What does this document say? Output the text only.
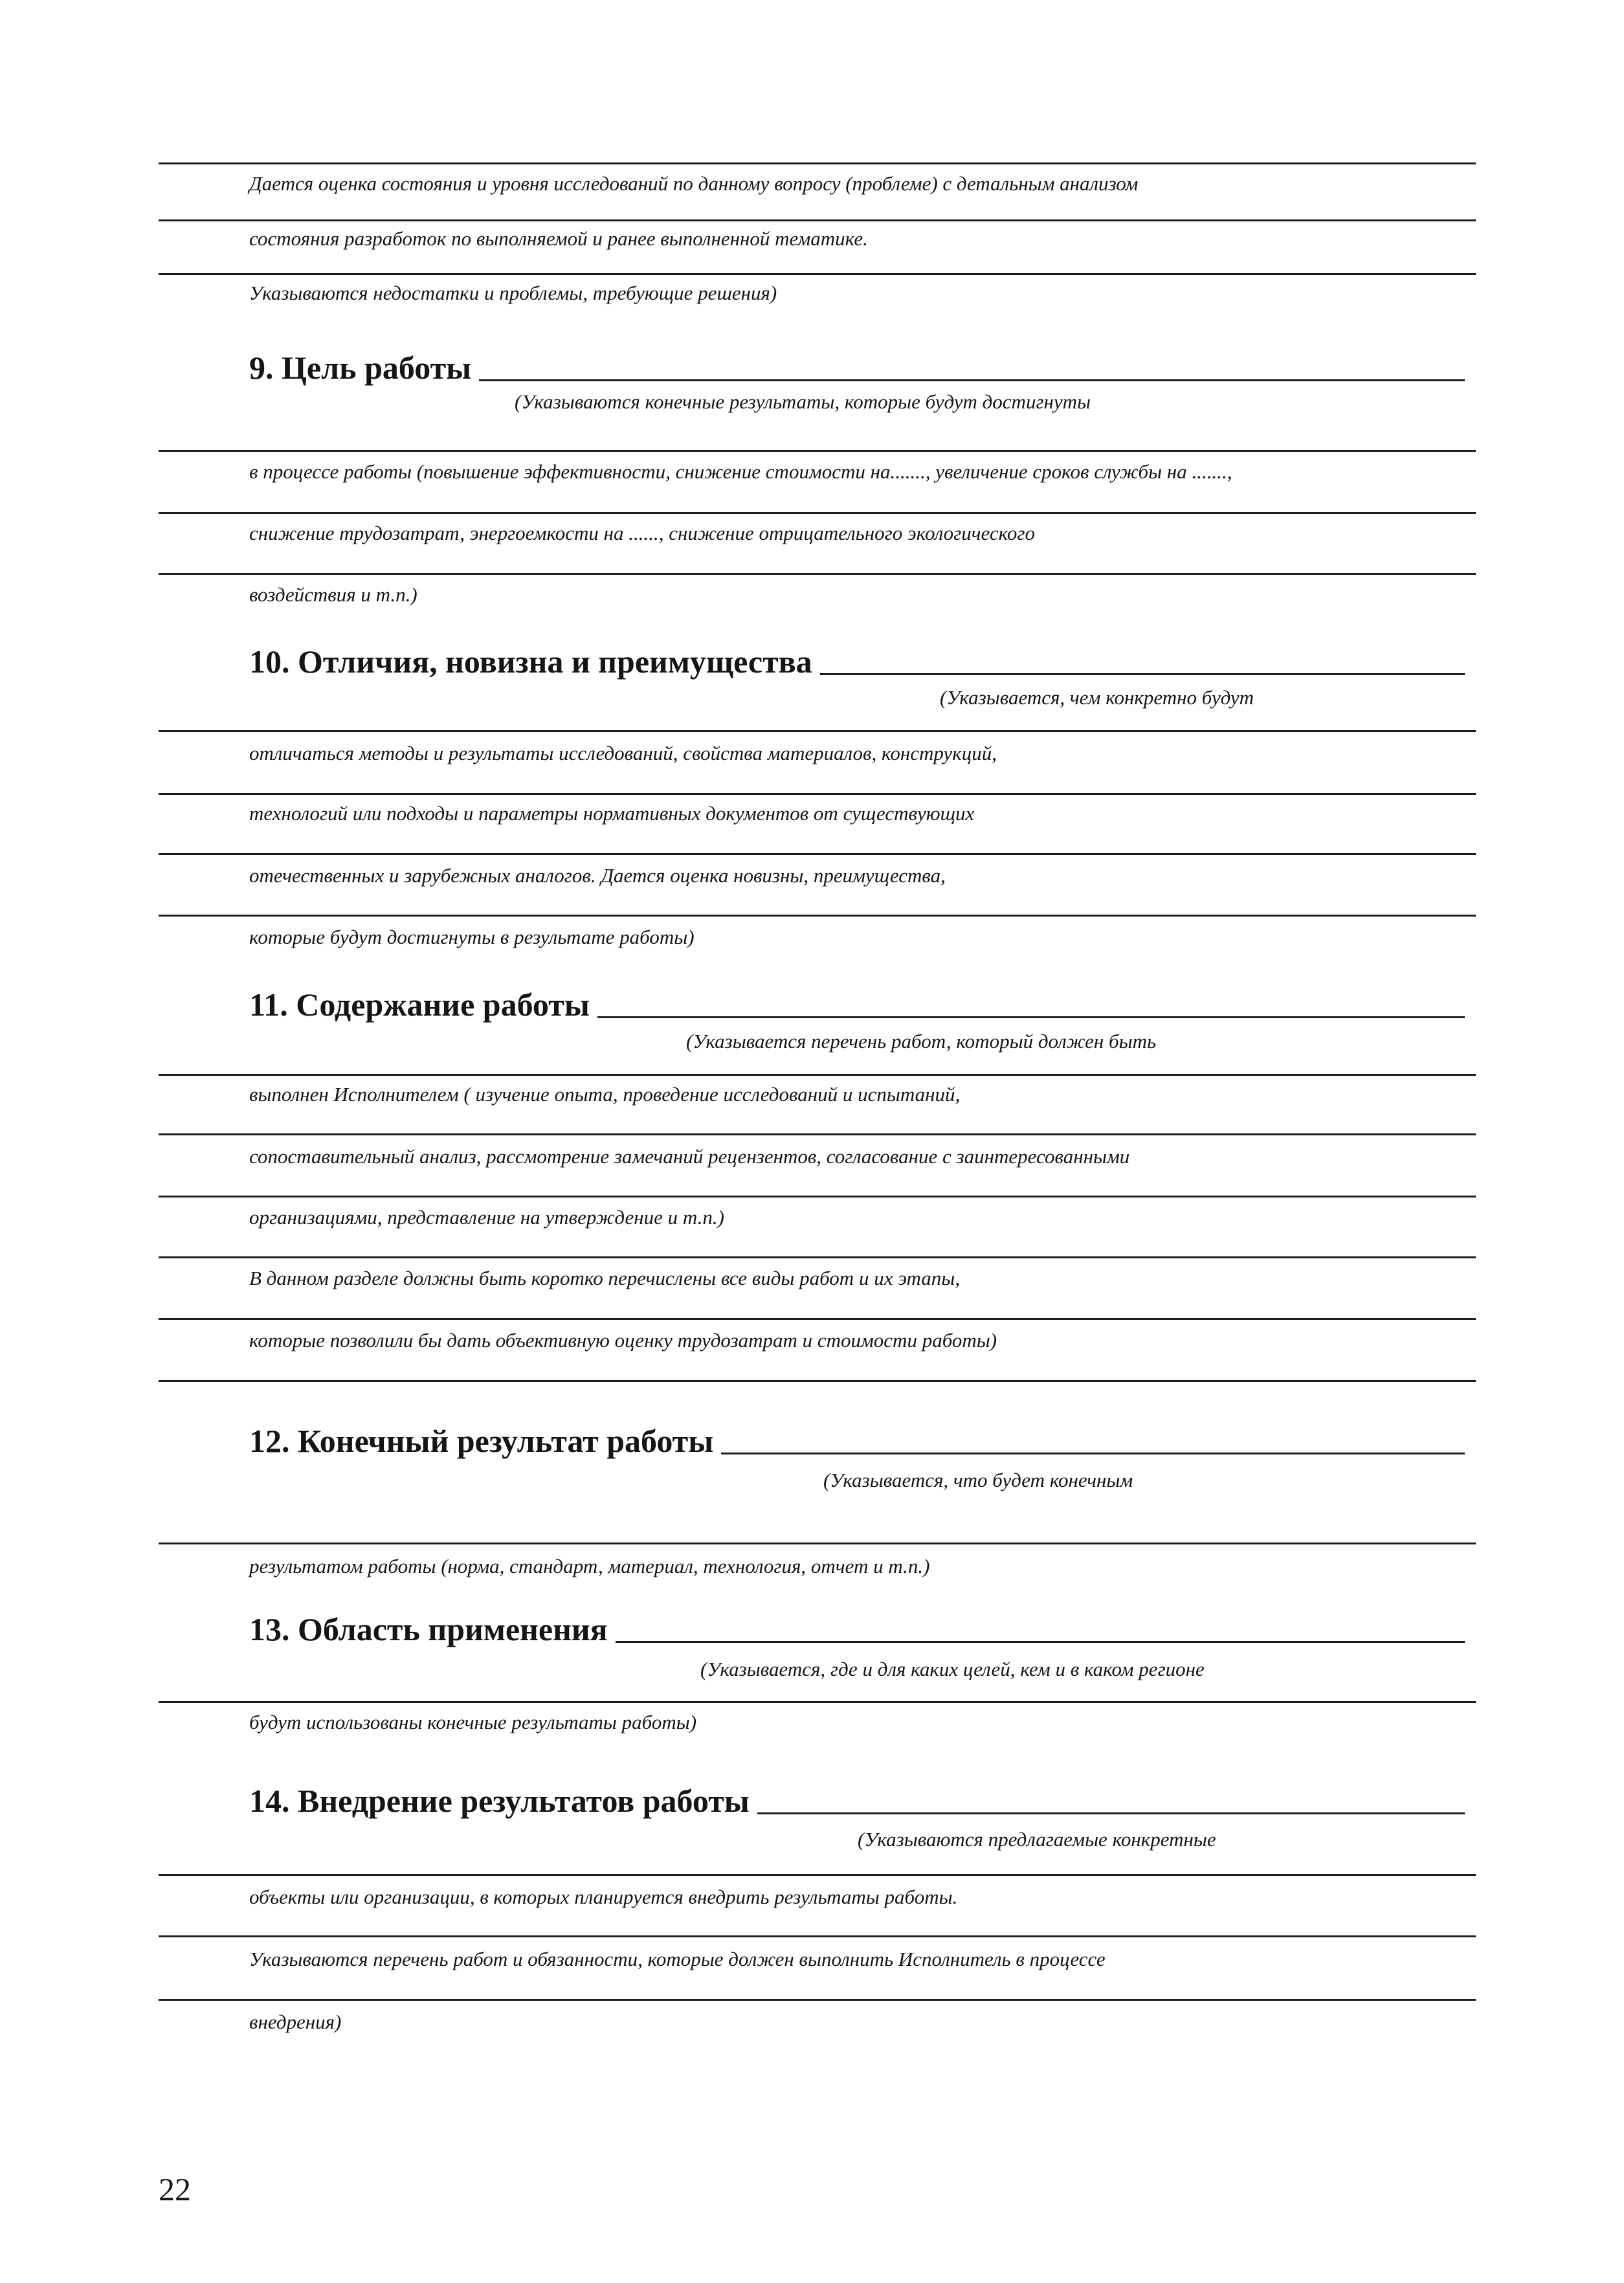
Дается оценка состояния и уровня исследований по данному вопросу (проблеме) с детальным анализом
состояния разработок по выполняемой и ранее выполненной тематике.
Указываются недостатки и проблемы, требующие решения)
9. Цель работы
(Указываются конечные результаты, которые будут достигнуты
в процессе работы (повышение эффективности, снижение стоимости на......., увеличение сроков службы на .......,
снижение трудозатрат, энергоемкости на ......, снижение отрицательного экологического
воздействия и т.п.)
10. Отличия, новизна и преимущества
(Указывается, чем конкретно будут
отличаться методы и результаты исследований, свойства материалов, конструкций,
технологий или подходы и параметры нормативных документов от существующих
отечественных и зарубежных аналогов. Дается оценка новизны, преимущества,
которые будут достигнуты в результате работы)
11. Содержание работы
(Указывается перечень работ, который должен быть
выполнен Исполнителем ( изучение опыта, проведение исследований и испытаний,
сопоставительный анализ, рассмотрение замечаний рецензентов, согласование с заинтересованными
организациями, представление на утверждение и т.п.)
В данном разделе должны быть коротко перечислены все виды работ и их этапы,
которые позволили бы дать объективную оценку трудозатрат и стоимости работы)
12. Конечный результат работы
(Указывается, что будет конечным
результатом работы (норма, стандарт, материал, технология, отчет и т.п.)
13. Область применения
(Указывается, где и для каких целей, кем и в каком регионе
будут использованы конечные результаты работы)
14. Внедрение результатов работы
(Указываются предлагаемые конкретные
объекты или организации, в которых планируется внедрить результаты работы.
Указываются перечень работ и обязанности, которые должен выполнить Исполнитель в процессе
внедрения)
22
